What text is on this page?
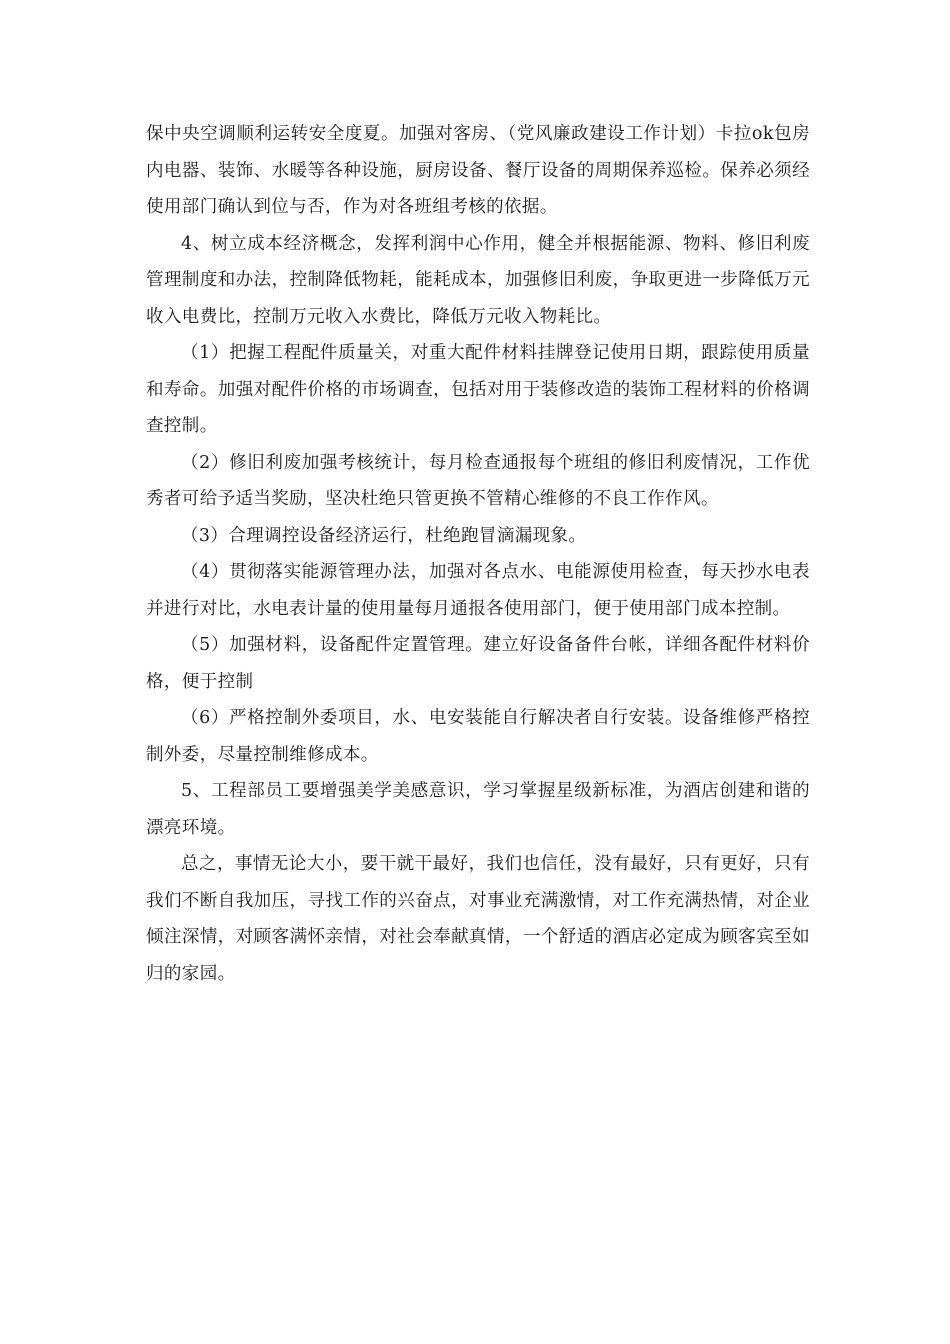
保中央空调顺利运转安全度夏。加强对客房、（党风廉政建设工作计划）卡拉ok包房内电器、装饰、水暖等各种设施，厨房设备、餐厅设备的周期保养巡检。保养必须经使用部门确认到位与否，作为对各班组考核的依据。

4、树立成本经济概念，发挥利润中心作用，健全并根据能源、物料、修旧利废管理制度和办法，控制降低物耗，能耗成本，加强修旧利废，争取更进一步降低万元收入电费比，控制万元收入水费比，降低万元收入物耗比。

（1）把握工程配件质量关，对重大配件材料挂牌登记使用日期，跟踪使用质量和寿命。加强对配件价格的市场调查，包括对用于装修改造的装饰工程材料的价格调查控制。

（2）修旧利废加强考核统计，每月检查通报每个班组的修旧利废情况，工作优秀者可给予适当奖励，坚决杜绝只管更换不管精心维修的不良工作作风。

（3）合理调控设备经济运行，杜绝跑冒滴漏现象。

（4）贯彻落实能源管理办法，加强对各点水、电能源使用检查，每天抄水电表并进行对比，水电表计量的使用量每月通报各使用部门，便于使用部门成本控制。

（5）加强材料，设备配件定置管理。建立好设备备件台帐，详细各配件材料价格，便于控制

（6）严格控制外委项目，水、电安装能自行解决者自行安装。设备维修严格控制外委，尽量控制维修成本。

5、工程部员工要增强美学美感意识，学习掌握星级新标准，为酒店创建和谐的漂亮环境。

总之，事情无论大小，要干就干最好，我们也信任，没有最好，只有更好，只有我们不断自我加压，寻找工作的兴奋点，对事业充满激情，对工作充满热情，对企业倾注深情，对顾客满怀亲情，对社会奉献真情，一个舒适的酒店必定成为顾客宾至如归的家园。
